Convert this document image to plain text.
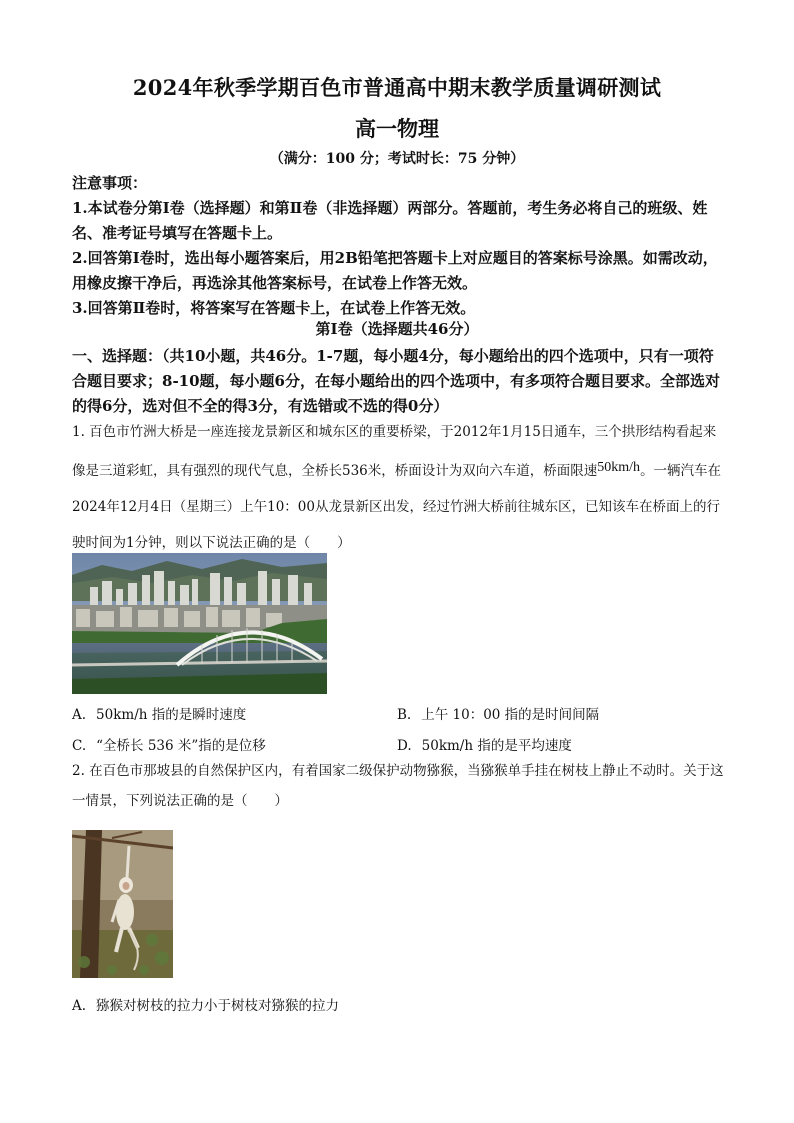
2024年秋季学期百色市普通高中期末教学质量调研测试
高一物理
（满分：100 分；考试时长：75 分钟）

注意事项：

1.本试卷分第Ⅰ卷（选择题）和第Ⅱ卷（非选择题）两部分。答题前，考生务必将自己的班级、姓名、准考证号填写在答题卡上。

2.回答第Ⅰ卷时，选出每小题答案后，用2B铅笔把答题卡上对应题目的答案标号涂黑。如需改动，用橡皮擦干净后，再选涂其他答案标号，在试卷上作答无效。

3.回答第Ⅱ卷时，将答案写在答题卡上，在试卷上作答无效。

第Ⅰ卷（选择题共46分）
一、选择题：（共10小题，共46分。1-7题，每小题4分，每小题给出的四个选项中，只有一项符合题目要求；8-10题，每小题6分，在每小题给出的四个选项中，有多项符合题目要求。全部选对的得6分，选对但不全的得3分，有选错或不选的得0分）
1. 百色市竹洲大桥是一座连接龙景新区和城东区的重要桥梁，于2012年1月15日通车，三个拱形结构看起来像是三道彩虹，具有强烈的现代气息，全桥长536米，桥面设计为双向六车道，桥面限速50km/h。一辆汽车在2024年12月4日（星期三）上午10：00从龙景新区出发，经过竹洲大桥前往城东区，已知该车在桥面上的行驶时间为1分钟，则以下说法正确的是（　　）
A. 50km/h 指的是瞬时速度	B. 上午 10：00 指的是时间间隔
C. “全桥长 536 米”指的是位移	D. 50km/h 指的是平均速度
2. 在百色市那坡县的自然保护区内，有着国家二级保护动物猕猴，当猕猴单手挂在树枝上静止不动时。关于这一情景，下列说法正确的是（　　）
A. 猕猴对树枝的拉力小于树枝对猕猴的拉力
